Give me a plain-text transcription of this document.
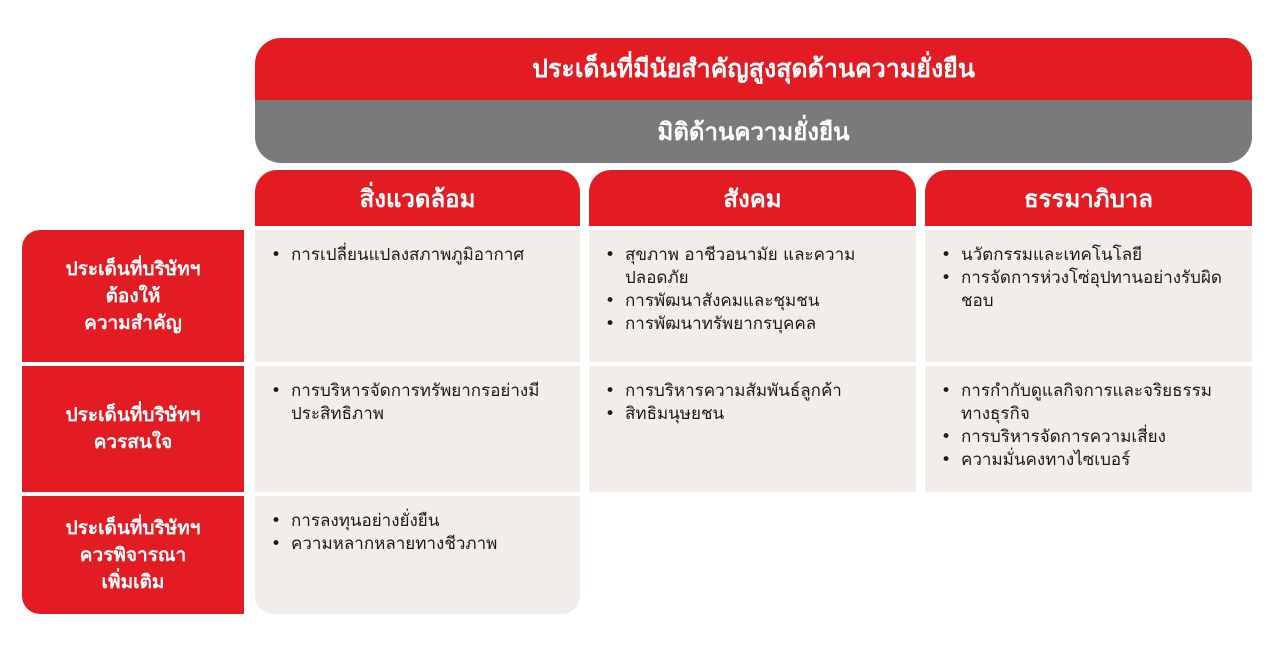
ประเด็นที่มีนัยสำคัญสูงสุดด้านความยั่งยืน
มิติด้านความยั่งยืน
สิ่งแวดล้อม	สังคม	ธรรมาภิบาล
ประเด็นที่บริษัทฯ
ต้องให้
ความสำคัญ
ประเด็นที่บริษัทฯ
ควรสนใจ
ประเด็นที่บริษัทฯ
ควรพิจารณา
เพิ่มเติม
• การเปลี่ยนแปลงสภาพภูมิอากาศ
•	สุขภาพ อาชีวอนามัย และความปลอดภัย
• การพัฒนาสังคมและชุมชน
• การพัฒนาทรัพยากรบุคคล
• นวัตกรรมและเทคโนโลยี
• การจัดการห่วงโซ่อุปทานอย่างรับผิดชอบ
• การบริหารจัดการทรัพยากรอย่างมีประสิทธิภาพ
• การบริหารความสัมพันธ์ลูกค้า
• สิทธิมนุษยชน
• การกำกับดูแลกิจการและจริยธรรมทางธุรกิจ
• การบริหารจัดการความเสี่ยง
• ความมั่นคงทางไซเบอร์
• การลงทุนอย่างยั่งยืน
• ความหลากหลายทางชีวภาพ
